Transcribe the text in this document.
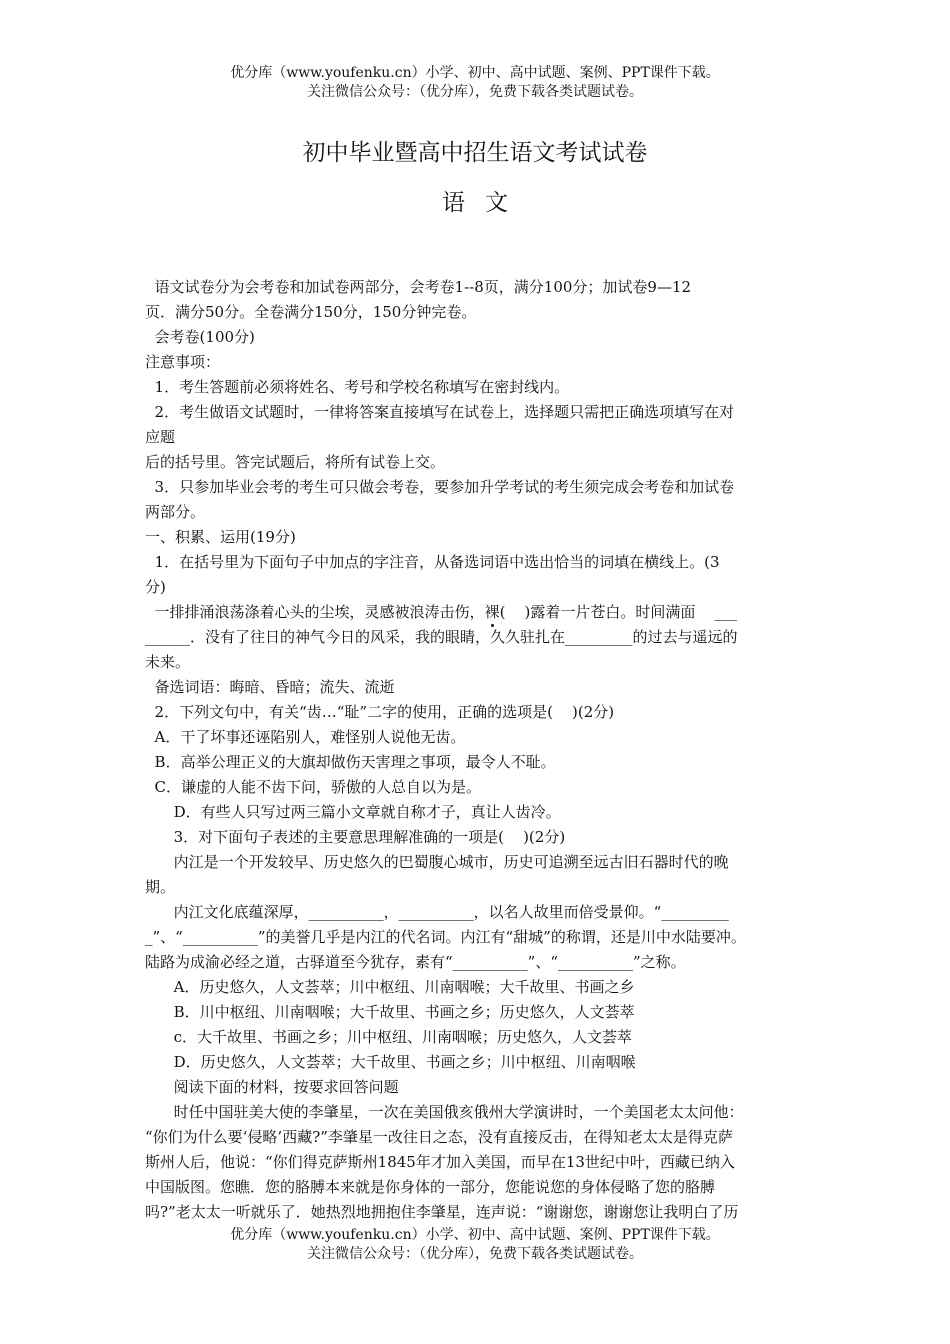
优分库（www.youfenku.cn）小学、初中、高中试题、案例、PPT课件下载。
关注微信公众号：（优分库），免费下载各类试题试卷。
初中毕业暨高中招生语文考试试卷
语文

语文试卷分为会考卷和加试卷两部分，会考卷1--8页，满分100分；加试卷9—12

页．满分50分。全卷满分150分，150分钟完卷。

会考卷(100分)

注意事项：

1．考生答题前必须将姓名、考号和学校名称填写在密封线内。

2．考生做语文试题时，一律将答案直接填写在试卷上，选择题只需把正确选项填写在对

应题

后的括号里。答完试题后，将所有试卷上交。

3．只参加毕业会考的考生可只做会考卷，要参加升学考试的考生须完成会考卷和加试卷

两部分。

一、积累、运用(19分)

1．在括号里为下面句子中加点的字注音，从备选词语中选出恰当的词填在横线上。(3

分)

一排排涌浪荡涤着心头的尘埃，灵感被浪涛击伤，裸(    )露着一片苍白。时间满面    ___

______．没有了往日的神气今日的风采，我的眼睛，久久驻扎在_________的过去与遥远的

未来。

备选词语：晦暗、昏暗；流失、流逝

2．下列文句中，有关“齿…“耻”二字的使用，正确的选项是(    )(2分)

A．干了坏事还诬陷别人，难怪别人说他无齿。

B．高举公理正义的大旗却做伤天害理之事项，最令人不耻。

C．谦虚的人能不齿下问，骄傲的人总自以为是。

D．有些人只写过两三篇小文章就自称才子，真让人齿冷。

3．对下面句子表述的主要意思理解准确的一项是(    )(2分)

内江是一个开发较早、历史悠久的巴蜀腹心城市，历史可追溯至远古旧石器时代的晚

期。

内江文化底蕴深厚，__________，__________，以名人故里而倍受景仰。“_________

_”、“__________”的美誉几乎是内江的代名词。内江有“甜城”的称谓，还是川中水陆要冲。

陆路为成渝必经之道，古驿道至今犹存，素有“__________”、“__________”之称。

A．历史悠久，人文荟萃；川中枢纽、川南咽喉；大千故里、书画之乡

B．川中枢纽、川南咽喉；大千故里、书画之乡；历史悠久，人文荟萃

c．大千故里、书画之乡；川中枢纽、川南咽喉；历史悠久，人文荟萃

D．历史悠久，人文荟萃；大千故里、书画之乡；川中枢纽、川南咽喉

阅读下面的材料，按要求回答问题

时任中国驻美大使的李肇星，一次在美国俄亥俄州大学演讲时，一个美国老太太问他：

“你们为什么要‘侵略’西藏?”李肇星一改往日之态，没有直接反击，在得知老太太是得克萨

斯州人后，他说：“你们得克萨斯州1845年才加入美国，而早在13世纪中叶，西藏已纳入

中国版图。您瞧．您的胳膊本来就是你身体的一部分，您能说您的身体侵略了您的胳膊

吗?”老太太一听就乐了．她热烈地拥抱住李肇星，连声说：“谢谢您，谢谢您让我明白了历

优分库（www.youfenku.cn）小学、初中、高中试题、案例、PPT课件下载。
关注微信公众号：（优分库），免费下载各类试题试卷。
